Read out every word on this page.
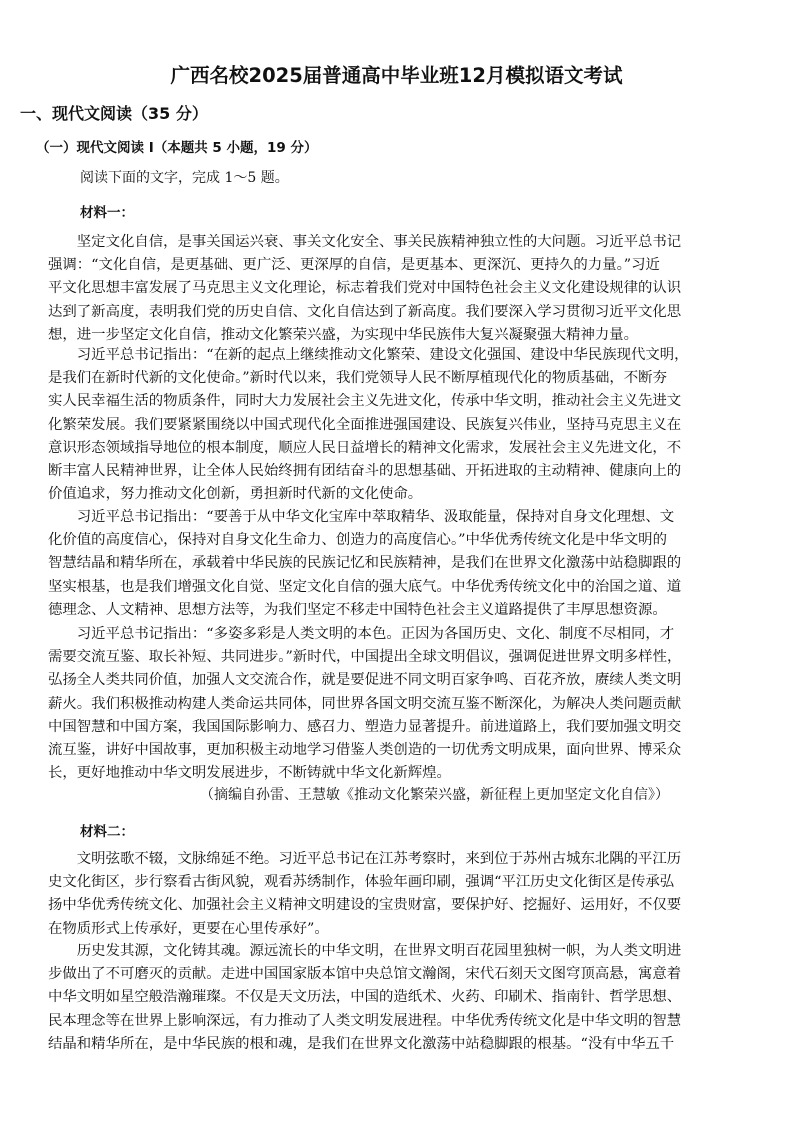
广西名校2025届普通高中毕业班12月模拟语文考试
一、现代文阅读（35 分）
（一）现代文阅读 I（本题共 5 小题，19 分）
阅读下面的文字，完成 1～5 题。
材料一：
　　坚定文化自信，是事关国运兴衰、事关文化安全、事关民族精神独立性的大问题。习近平总书记
强调：“文化自信，是更基础、更广泛、更深厚的自信，是更基本、更深沉、更持久的力量。”习近
平文化思想丰富发展了马克思主义文化理论，标志着我们党对中国特色社会主义文化建设规律的认识
达到了新高度，表明我们党的历史自信、文化自信达到了新高度。我们要深入学习贯彻习近平文化思
想，进一步坚定文化自信，推动文化繁荣兴盛，为实现中华民族伟大复兴凝聚强大精神力量。
　　习近平总书记指出：“在新的起点上继续推动文化繁荣、建设文化强国、建设中华民族现代文明，
是我们在新时代新的文化使命。”新时代以来，我们党领导人民不断厚植现代化的物质基础，不断夯
实人民幸福生活的物质条件，同时大力发展社会主义先进文化，传承中华文明，推动社会主义先进文
化繁荣发展。我们要紧紧围绕以中国式现代化全面推进强国建设、民族复兴伟业，坚持马克思主义在
意识形态领域指导地位的根本制度，顺应人民日益增长的精神文化需求，发展社会主义先进文化，不
断丰富人民精神世界，让全体人民始终拥有团结奋斗的思想基础、开拓进取的主动精神、健康向上的
价值追求，努力推动文化创新，勇担新时代新的文化使命。
　　习近平总书记指出：“要善于从中华文化宝库中萃取精华、汲取能量，保持对自身文化理想、文
化价值的高度信心，保持对自身文化生命力、创造力的高度信心。”中华优秀传统文化是中华文明的
智慧结晶和精华所在，承载着中华民族的民族记忆和民族精神，是我们在世界文化激荡中站稳脚跟的
坚实根基，也是我们增强文化自觉、坚定文化自信的强大底气。中华优秀传统文化中的治国之道、道
德理念、人文精神、思想方法等，为我们坚定不移走中国特色社会主义道路提供了丰厚思想资源。
　　习近平总书记指出：“多姿多彩是人类文明的本色。正因为各国历史、文化、制度不尽相同，才
需要交流互鉴、取长补短、共同进步。”新时代，中国提出全球文明倡议，强调促进世界文明多样性，
弘扬全人类共同价值，加强人文交流合作，就是要促进不同文明百家争鸣、百花齐放，赓续人类文明
薪火。我们积极推动构建人类命运共同体，同世界各国文明交流互鉴不断深化，为解决人类问题贡献
中国智慧和中国方案，我国国际影响力、感召力、塑造力显著提升。前进道路上，我们要加强文明交
流互鉴，讲好中国故事，更加积极主动地学习借鉴人类创造的一切优秀文明成果，面向世界、博采众
长，更好地推动中华文明发展进步，不断铸就中华文化新辉煌。
（摘编自孙雷、王慧敏《推动文化繁荣兴盛，新征程上更加坚定文化自信》）
材料二：
　　文明弦歌不辍，文脉绵延不绝。习近平总书记在江苏考察时，来到位于苏州古城东北隅的平江历
史文化街区，步行察看古街风貌，观看苏绣制作，体验年画印刷，强调“平江历史文化街区是传承弘
扬中华优秀传统文化、加强社会主义精神文明建设的宝贵财富，要保护好、挖掘好、运用好，不仅要
在物质形式上传承好，更要在心里传承好”。
　　历史发其源，文化铸其魂。源远流长的中华文明，在世界文明百花园里独树一帜，为人类文明进
步做出了不可磨灭的贡献。走进中国国家版本馆中央总馆文瀚阁，宋代石刻天文图穹顶高悬，寓意着
中华文明如星空般浩瀚璀璨。不仅是天文历法，中国的造纸术、火药、印刷术、指南针、哲学思想、
民本理念等在世界上影响深远，有力推动了人类文明发展进程。中华优秀传统文化是中华文明的智慧
结晶和精华所在，是中华民族的根和魂，是我们在世界文化激荡中站稳脚跟的根基。“没有中华五千
